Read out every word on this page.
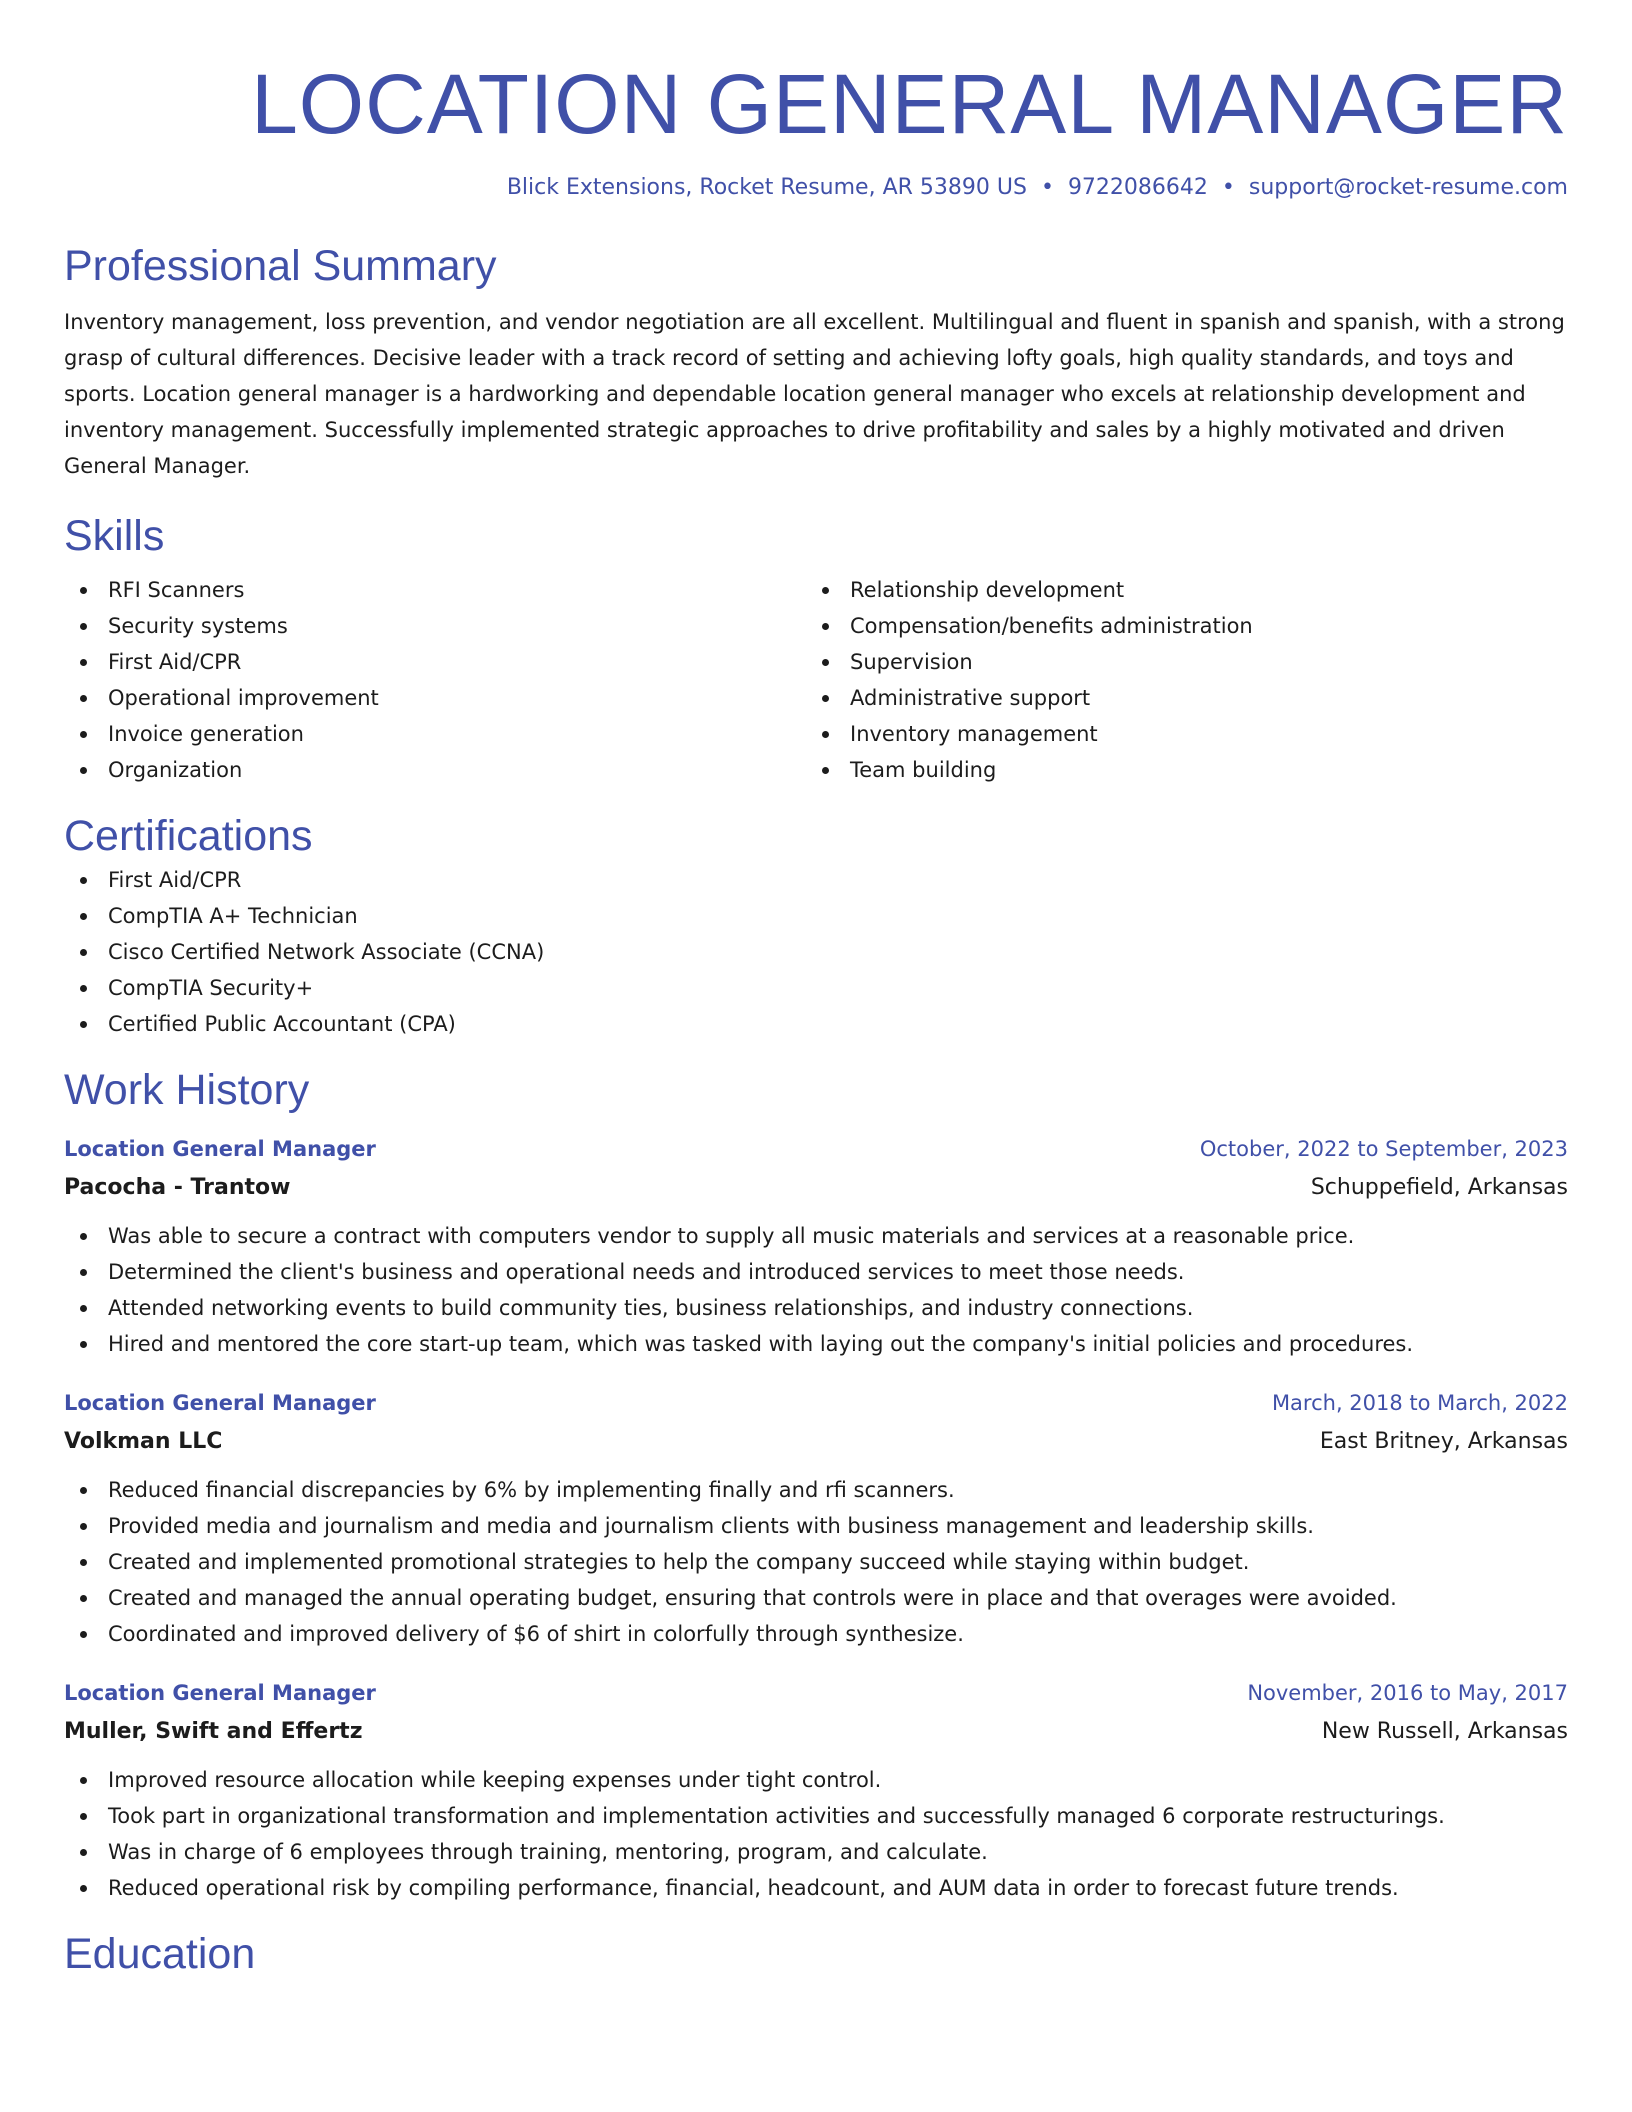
LOCATION GENERAL MANAGER
Blick Extensions, Rocket Resume, AR 53890 US • 9722086642 • support@rocket-resume.com
Professional Summary

Inventory management, loss prevention, and vendor negotiation are all excellent. Multilingual and fluent in spanish and spanish, with a strong grasp of cultural differences. Decisive leader with a track record of setting and achieving lofty goals, high quality standards, and toys and sports. Location general manager is a hardworking and dependable location general manager who excels at relationship development and inventory management. Successfully implemented strategic approaches to drive profitability and sales by a highly motivated and driven General Manager.

Skills
RFI Scanners
Security systems
First Aid/CPR
Operational improvement
Invoice generation
Organization
Relationship development
Compensation/benefits administration
Supervision
Administrative support
Inventory management
Team building
Certifications
First Aid/CPR
CompTIA A+ Technician
Cisco Certified Network Associate (CCNA)
CompTIA Security+
Certified Public Accountant (CPA)
Work History
Location General Manager	October, 2022 to September, 2023
Pacocha - Trantow	Schuppefield, Arkansas
Was able to secure a contract with computers vendor to supply all music materials and services at a reasonable price.
Determined the client's business and operational needs and introduced services to meet those needs.
Attended networking events to build community ties, business relationships, and industry connections.
Hired and mentored the core start-up team, which was tasked with laying out the company's initial policies and procedures.
Location General Manager	March, 2018 to March, 2022
Volkman LLC	East Britney, Arkansas
Reduced financial discrepancies by 6% by implementing finally and rfi scanners.
Provided media and journalism and media and journalism clients with business management and leadership skills.
Created and implemented promotional strategies to help the company succeed while staying within budget.
Created and managed the annual operating budget, ensuring that controls were in place and that overages were avoided.
Coordinated and improved delivery of $6 of shirt in colorfully through synthesize.
Location General Manager	November, 2016 to May, 2017
Muller, Swift and Effertz	New Russell, Arkansas
Improved resource allocation while keeping expenses under tight control.
Took part in organizational transformation and implementation activities and successfully managed 6 corporate restructurings.
Was in charge of 6 employees through training, mentoring, program, and calculate.
Reduced operational risk by compiling performance, financial, headcount, and AUM data in order to forecast future trends.
Education
